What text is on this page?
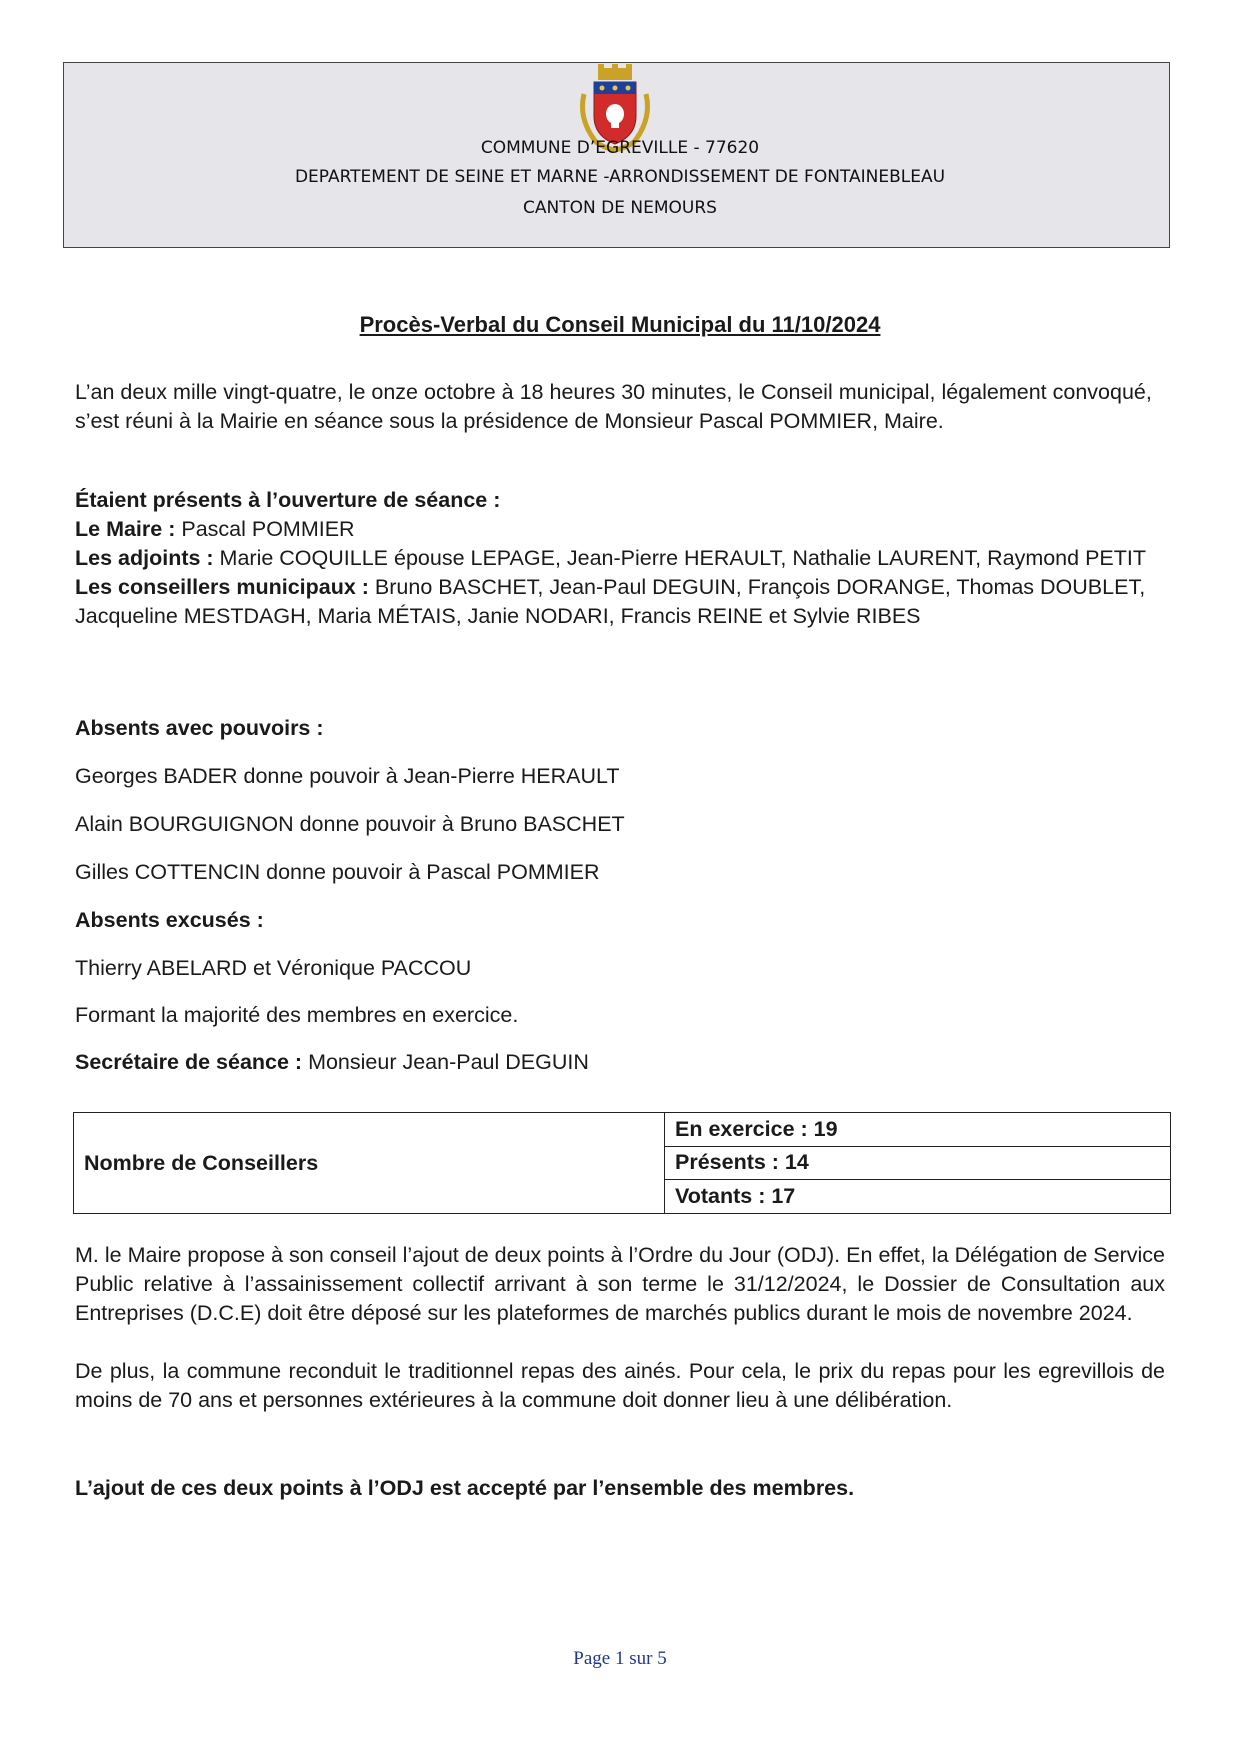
COMMUNE D’EGREVILLE - 77620
DEPARTEMENT DE SEINE ET MARNE -ARRONDISSEMENT DE FONTAINEBLEAU
CANTON DE NEMOURS
Procès-Verbal du Conseil Municipal du 11/10/2024

L’an deux mille vingt-quatre, le onze octobre à 18 heures 30 minutes, le Conseil municipal, légalement convoqué, s’est réuni à la Mairie en séance sous la présidence de Monsieur Pascal POMMIER, Maire.

Étaient présents à l’ouverture de séance :
Le Maire : Pascal POMMIER
Les adjoints : Marie COQUILLE épouse LEPAGE, Jean-Pierre HERAULT, Nathalie LAURENT, Raymond PETIT
Les conseillers municipaux : Bruno BASCHET, Jean-Paul DEGUIN, François DORANGE, Thomas DOUBLET, Jacqueline MESTDAGH, Maria MÉTAIS, Janie NODARI, Francis REINE et Sylvie RIBES
Absents avec pouvoirs :
Georges BADER donne pouvoir à Jean-Pierre HERAULT
Alain BOURGUIGNON donne pouvoir à Bruno BASCHET
Gilles COTTENCIN donne pouvoir à Pascal POMMIER
Absents excusés :
Thierry ABELARD et Véronique PACCOU
Formant la majorité des membres en exercice.
Secrétaire de séance : Monsieur Jean-Paul DEGUIN
Nombre de Conseillers	En exercice : 19
Présents : 14
Votants : 17

M. le Maire propose à son conseil l’ajout de deux points à l’Ordre du Jour (ODJ). En effet, la Délégation de Service Public relative à l’assainissement collectif arrivant à son terme le 31/12/2024, le Dossier de Consultation aux Entreprises (D.C.E) doit être déposé sur les plateformes de marchés publics durant le mois de novembre 2024.

De plus, la commune reconduit le traditionnel repas des ainés. Pour cela, le prix du repas pour les egrevillois de moins de 70 ans et personnes extérieures à la commune doit donner lieu à une délibération.

L’ajout de ces deux points à l’ODJ est accepté par l’ensemble des membres.

Page 1 sur 5
